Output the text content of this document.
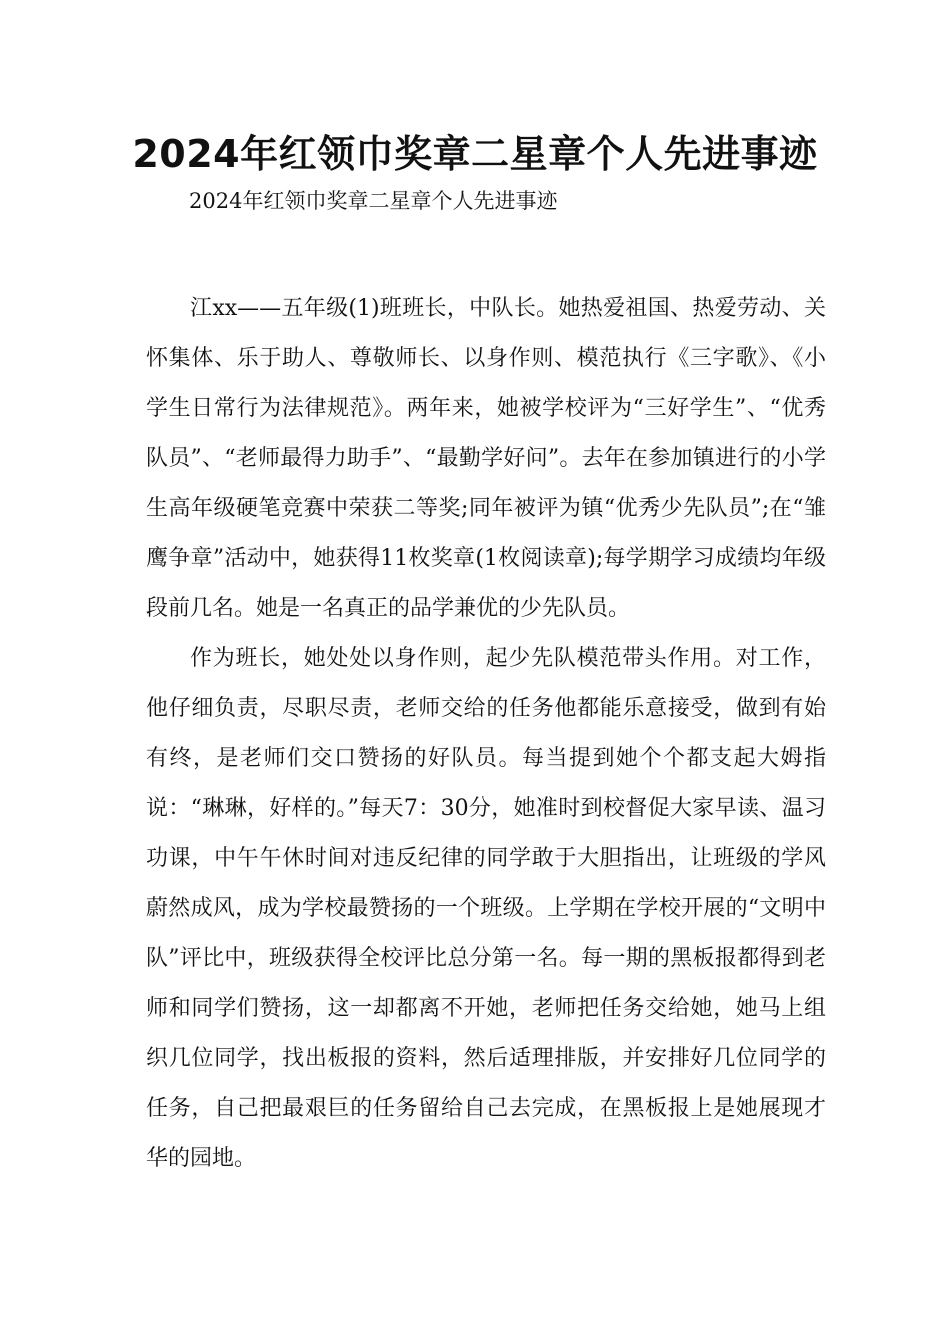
2024年红领巾奖章二星章个人先进事迹

2024年红领巾奖章二星章个人先进事迹

江xx——五年级(1)班班长，中队长。她热爱祖国、热爱劳动、关怀集体、乐于助人、尊敬师长、以身作则、模范执行《三字歌》、《小学生日常行为法律规范》。两年来，她被学校评为“三好学生”、“优秀队员”、“老师最得力助手”、“最勤学好问”。去年在参加镇进行的小学生高年级硬笔竞赛中荣获二等奖;同年被评为镇“优秀少先队员”;在“雏鹰争章”活动中，她获得11枚奖章(1枚阅读章);每学期学习成绩均年级段前几名。她是一名真正的品学兼优的少先队员。

作为班长，她处处以身作则，起少先队模范带头作用。对工作，他仔细负责，尽职尽责，老师交给的任务他都能乐意接受，做到有始有终，是老师们交口赞扬的好队员。每当提到她个个都支起大姆指说：“琳琳，好样的。”每天7：30分，她准时到校督促大家早读、温习功课，中午午休时间对违反纪律的同学敢于大胆指出，让班级的学风蔚然成风，成为学校最赞扬的一个班级。上学期在学校开展的“文明中队”评比中，班级获得全校评比总分第一名。每一期的黑板报都得到老师和同学们赞扬，这一却都离不开她，老师把任务交给她，她马上组织几位同学，找出板报的资料，然后适理排版，并安排好几位同学的任务，自己把最艰巨的任务留给自己去完成，在黑板报上是她展现才华的园地。
